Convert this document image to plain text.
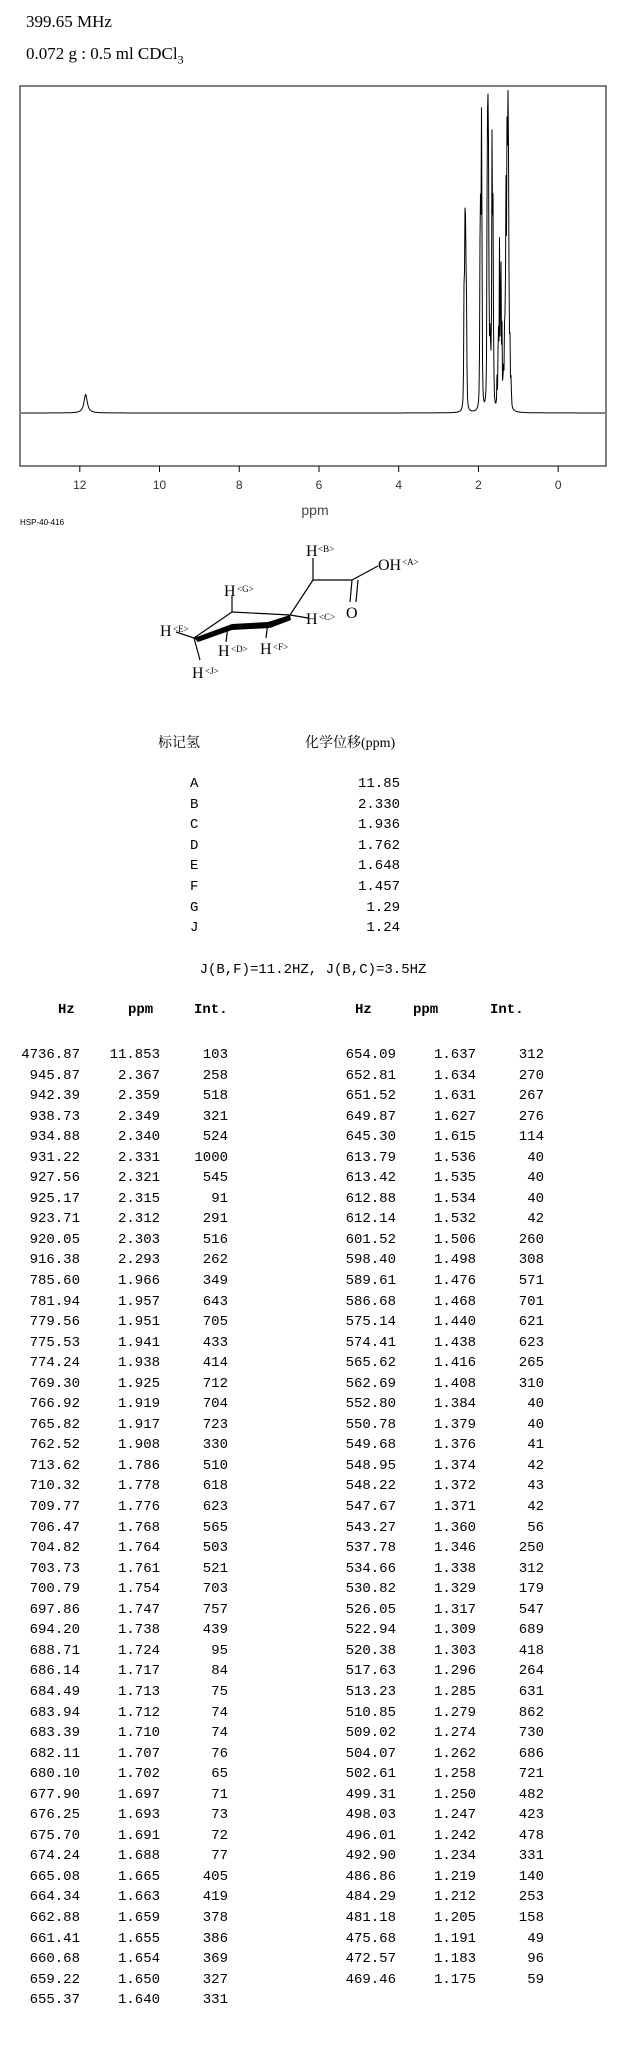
399.65 MHz
0.072 g : 0.5 ml CDCl$_3$
12	10	8	6	4	2	0
ppm
HSP-40-416
H <B>
OH <A>
O
H <G>
H <C>
H <E>
H <D> H <F>
H <J>
标记氢	化学位移(ppm)
A	11.85
B	2.330
C	1.936
D	1.762
E	1.648
F	1.457
G	1.29
J	1.24
J(B,F)=11.2HZ, J(B,C)=3.5HZ
Hz	ppm	Int.	Hz	ppm	Int.
4736.87	11.853	103
945.87	2.367	258
942.39	2.359	518
938.73	2.349	321
934.88	2.340	524
931.22	2.331	1000
927.56	2.321	545
925.17	2.315	91
923.71	2.312	291
920.05	2.303	516
916.38	2.293	262
785.60	1.966	349
781.94	1.957	643
779.56	1.951	705
775.53	1.941	433
774.24	1.938	414
769.30	1.925	712
766.92	1.919	704
765.82	1.917	723
762.52	1.908	330
713.62	1.786	510
710.32	1.778	618
709.77	1.776	623
706.47	1.768	565
704.82	1.764	503
703.73	1.761	521
700.79	1.754	703
697.86	1.747	757
694.20	1.738	439
688.71	1.724	95
686.14	1.717	84
684.49	1.713	75
683.94	1.712	74
683.39	1.710	74
682.11	1.707	76
680.10	1.702	65
677.90	1.697	71
676.25	1.693	73
675.70	1.691	72
674.24	1.688	77
665.08	1.665	405
664.34	1.663	419
662.88	1.659	378
661.41	1.655	386
660.68	1.654	369
659.22	1.650	327
655.37	1.640	331
654.09	1.637	312
652.81	1.634	270
651.52	1.631	267
649.87	1.627	276
645.30	1.615	114
613.79	1.536	40
613.42	1.535	40
612.88	1.534	40
612.14	1.532	42
601.52	1.506	260
598.40	1.498	308
589.61	1.476	571
586.68	1.468	701
575.14	1.440	621
574.41	1.438	623
565.62	1.416	265
562.69	1.408	310
552.80	1.384	40
550.78	1.379	40
549.68	1.376	41
548.95	1.374	42
548.22	1.372	43
547.67	1.371	42
543.27	1.360	56
537.78	1.346	250
534.66	1.338	312
530.82	1.329	179
526.05	1.317	547
522.94	1.309	689
520.38	1.303	418
517.63	1.296	264
513.23	1.285	631
510.85	1.279	862
509.02	1.274	730
504.07	1.262	686
502.61	1.258	721
499.31	1.250	482
498.03	1.247	423
496.01	1.242	478
492.90	1.234	331
486.86	1.219	140
484.29	1.212	253
481.18	1.205	158
475.68	1.191	49
472.57	1.183	96
469.46	1.175	59
